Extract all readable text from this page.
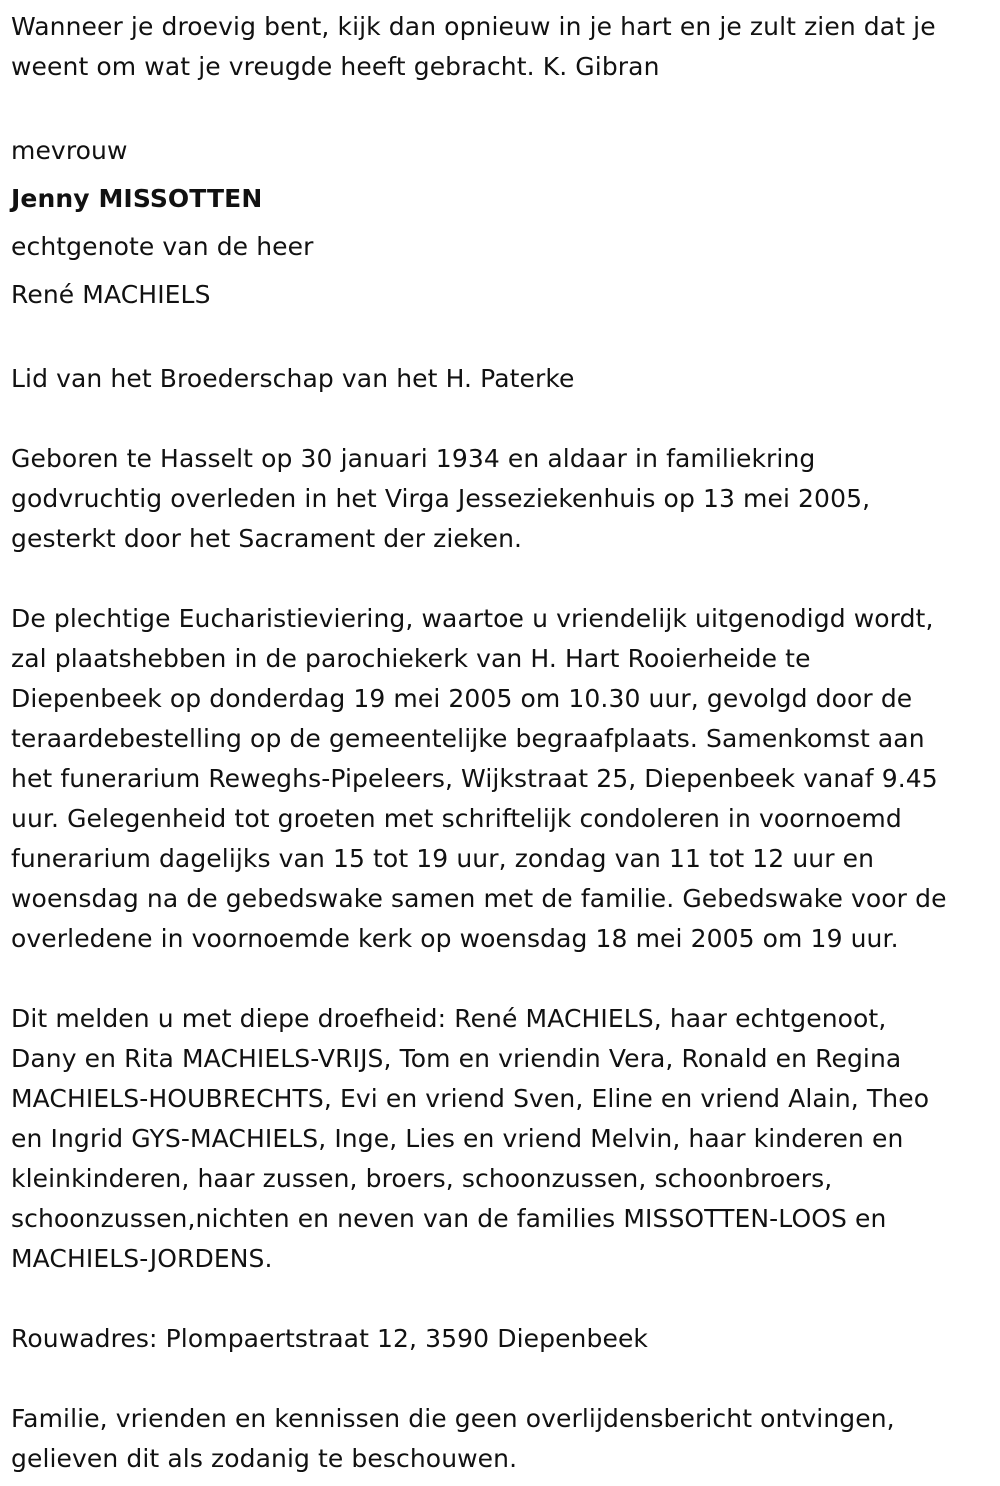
Wanneer je droevig bent, kijk dan opnieuw in je hart en je zult zien dat je
weent om wat je vreugde heeft gebracht. K. Gibran

mevrouw

Jenny MISSOTTEN

echtgenote van de heer

René MACHIELS

Lid van het Broederschap van het H. Paterke

Geboren te Hasselt op 30 januari 1934 en aldaar in familiekring
godvruchtig overleden in het Virga Jesseziekenhuis op 13 mei 2005,
gesterkt door het Sacrament der zieken.

De plechtige Eucharistieviering, waartoe u vriendelijk uitgenodigd wordt,
zal plaatshebben in de parochiekerk van H. Hart Rooierheide te
Diepenbeek op donderdag 19 mei 2005 om 10.30 uur, gevolgd door de
teraardebestelling op de gemeentelijke begraafplaats. Samenkomst aan
het funerarium Reweghs-Pipeleers, Wijkstraat 25, Diepenbeek vanaf 9.45
uur. Gelegenheid tot groeten met schriftelijk condoleren in voornoemd
funerarium dagelijks van 15 tot 19 uur, zondag van 11 tot 12 uur en
woensdag na de gebedswake samen met de familie. Gebedswake voor de
overledene in voornoemde kerk op woensdag 18 mei 2005 om 19 uur.

Dit melden u met diepe droefheid: René MACHIELS, haar echtgenoot,
Dany en Rita MACHIELS-VRIJS, Tom en vriendin Vera, Ronald en Regina
MACHIELS-HOUBRECHTS, Evi en vriend Sven, Eline en vriend Alain, Theo
en Ingrid GYS-MACHIELS, Inge, Lies en vriend Melvin, haar kinderen en
kleinkinderen, haar zussen, broers, schoonzussen, schoonbroers,
schoonzussen,nichten en neven van de families MISSOTTEN-LOOS en
MACHIELS-JORDENS.

Rouwadres: Plompaertstraat 12, 3590 Diepenbeek

Familie, vrienden en kennissen die geen overlijdensbericht ontvingen,
gelieven dit als zodanig te beschouwen.
